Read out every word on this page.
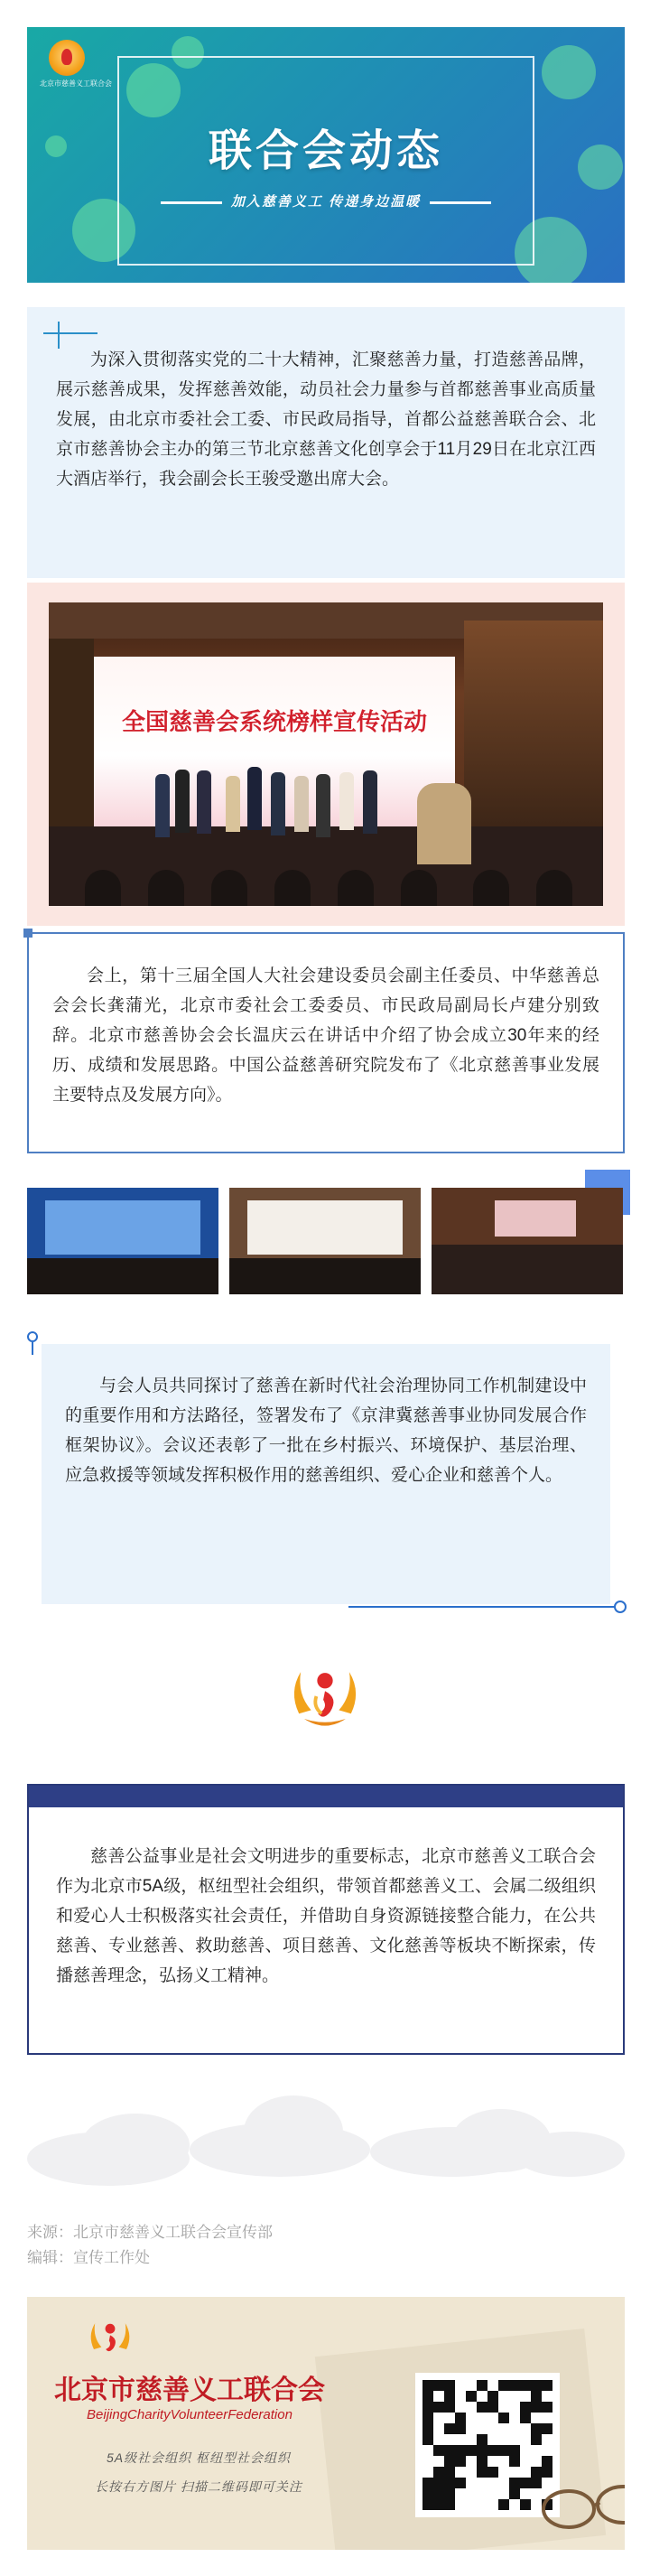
北京市慈善义工联合会
联合会动态
加入慈善义工 传递身边温暖

为深入贯彻落实党的二十大精神，汇聚慈善力量，打造慈善品牌，展示慈善成果，发挥慈善效能，动员社会力量参与首都慈善事业高质量发展，由北京市委社会工委、市民政局指导，首都公益慈善联合会、北京市慈善协会主办的第三节北京慈善文化创享会于11月29日在北京江西大酒店举行，我会副会长王骏受邀出席大会。

全国慈善会系统榜样宣传活动

会上，第十三届全国人大社会建设委员会副主任委员、中华慈善总会会长龚蒲光，北京市委社会工委委员、市民政局副局长卢建分别致辞。北京市慈善协会会长温庆云在讲话中介绍了协会成立30年来的经历、成绩和发展思路。中国公益慈善研究院发布了《北京慈善事业发展主要特点及发展方向》。

与会人员共同探讨了慈善在新时代社会治理协同工作机制建设中的重要作用和方法路径，签署发布了《京津冀慈善事业协同发展合作框架协议》。会议还表彰了一批在乡村振兴、环境保护、基层治理、应急救援等领域发挥积极作用的慈善组织、爱心企业和慈善个人。

慈善公益事业是社会文明进步的重要标志，北京市慈善义工联合会作为北京市5A级，枢纽型社会组织，带领首都慈善义工、会属二级组织和爱心人士积极落实社会责任，并借助自身资源链接整合能力，在公共慈善、专业慈善、救助慈善、项目慈善、文化慈善等板块不断探索，传播慈善理念，弘扬义工精神。

来源：北京市慈善义工联合会宣传部
编辑：宣传工作处
北京市慈善义工联合会
BeijingCharityVolunteerFederation
5A级社会组织 枢纽型社会组织
长按右方图片 扫描二维码即可关注
